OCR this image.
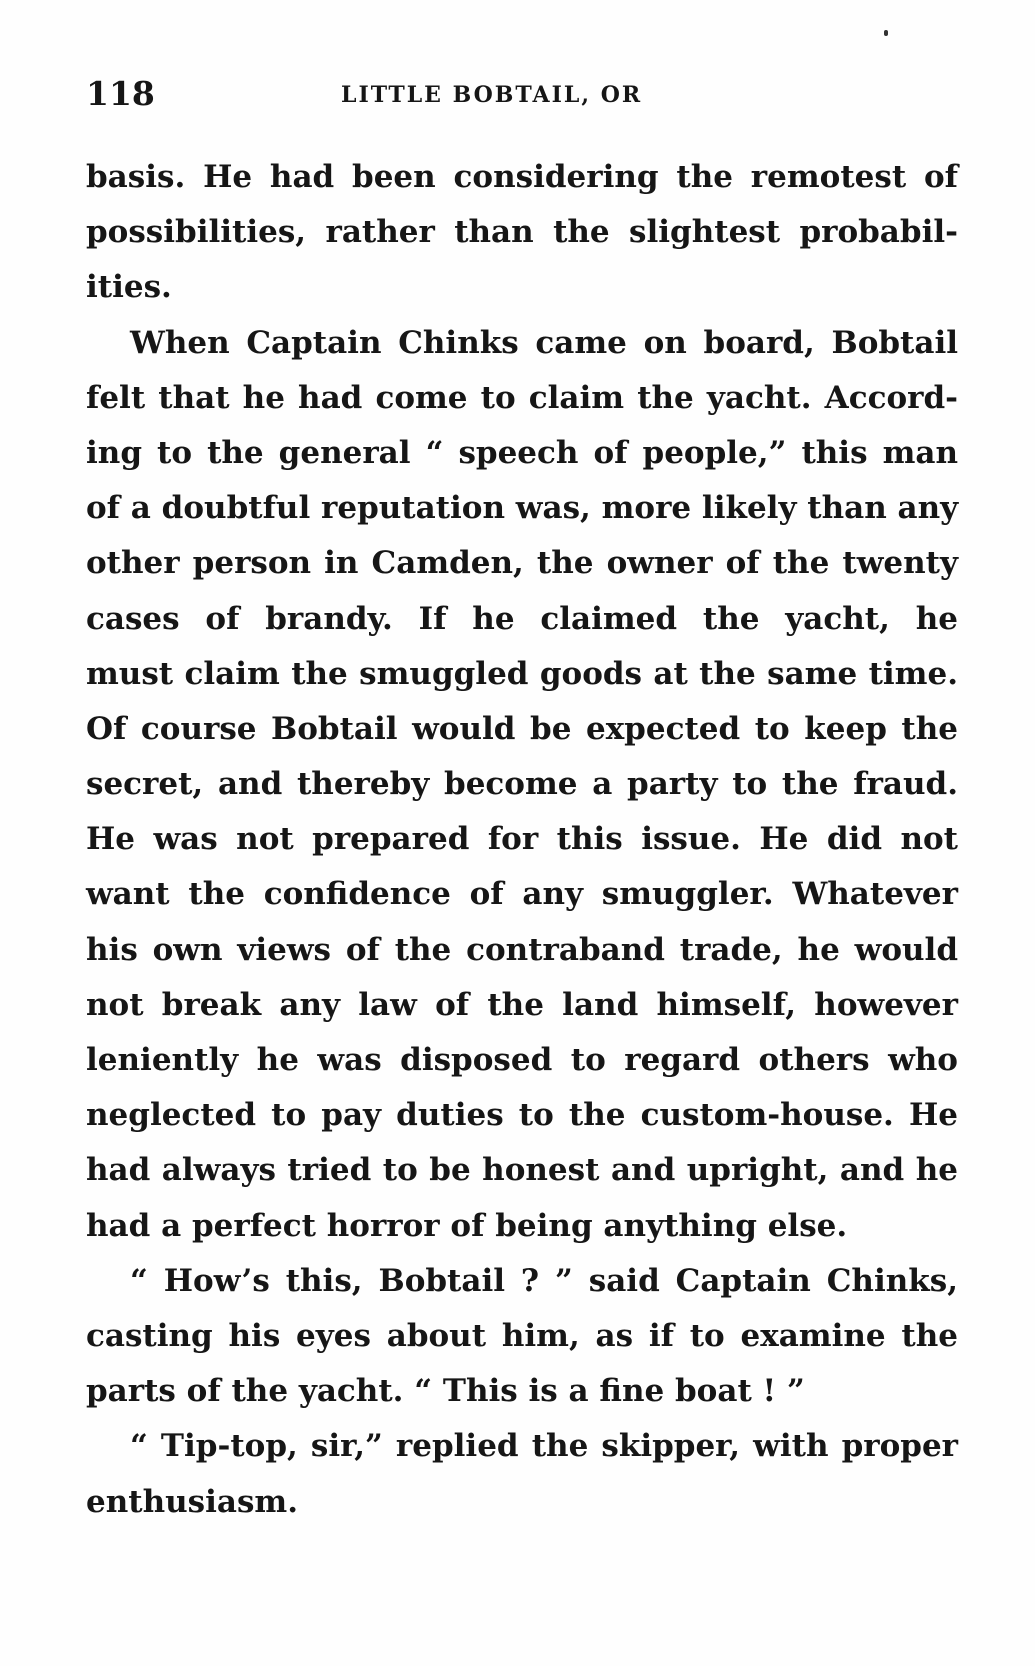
118	LITTLE BOBTAIL, OR
basis. He had been considering the remotest of
possibilities, rather than the slightest probabil-
ities.
When Captain Chinks came on board, Bobtail
felt that he had come to claim the yacht. Accord-
ing to the general “ speech of people,” this man
of a doubtful reputation was, more likely than any
other person in Camden, the owner of the twenty
cases of brandy. If he claimed the yacht, he
must claim the smuggled goods at the same time.
Of course Bobtail would be expected to keep the
secret, and thereby become a party to the fraud.
He was not prepared for this issue. He did not
want the confidence of any smuggler. Whatever
his own views of the contraband trade, he would
not break any law of the land himself, however
leniently he was disposed to regard others who
neglected to pay duties to the custom-house. He
had always tried to be honest and upright, and he
had a perfect horror of being anything else.
“ How’s this, Bobtail ? ” said Captain Chinks,
casting his eyes about him, as if to examine the
parts of the yacht. “ This is a fine boat ! ”
“ Tip-top, sir,” replied the skipper, with proper
enthusiasm.
